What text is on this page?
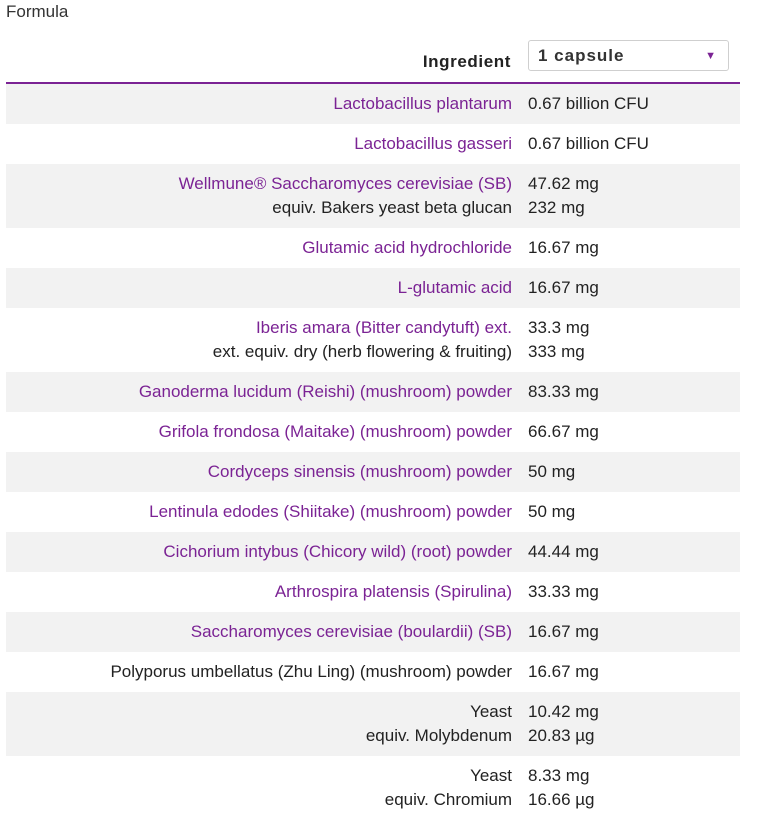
Formula
Ingredient 1 capsule	▼
Lactobacillus plantarum 0.67 billion CFU
Lactobacillus gasseri 0.67 billion CFU
Wellmune® Saccharomyces cerevisiae (SB) 47.62 mg
equiv. Bakers yeast beta glucan 232 mg
Glutamic acid hydrochloride 16.67 mg
L-glutamic acid 16.67 mg
Iberis amara (Bitter candytuft) ext. 33.3 mg
ext. equiv. dry (herb flowering & fruiting) 333 mg
Ganoderma lucidum (Reishi) (mushroom) powder 83.33 mg
Grifola frondosa (Maitake) (mushroom) powder 66.67 mg
Cordyceps sinensis (mushroom) powder 50 mg
Lentinula edodes (Shiitake) (mushroom) powder 50 mg
Cichorium intybus (Chicory wild) (root) powder 44.44 mg
Arthrospira platensis (Spirulina) 33.33 mg
Saccharomyces cerevisiae (boulardii) (SB) 16.67 mg
Polyporus umbellatus (Zhu Ling) (mushroom) powder 16.67 mg
Yeast 10.42 mg
equiv. Molybdenum 20.83 µg
Yeast 8.33 mg
equiv. Chromium 16.66 µg
